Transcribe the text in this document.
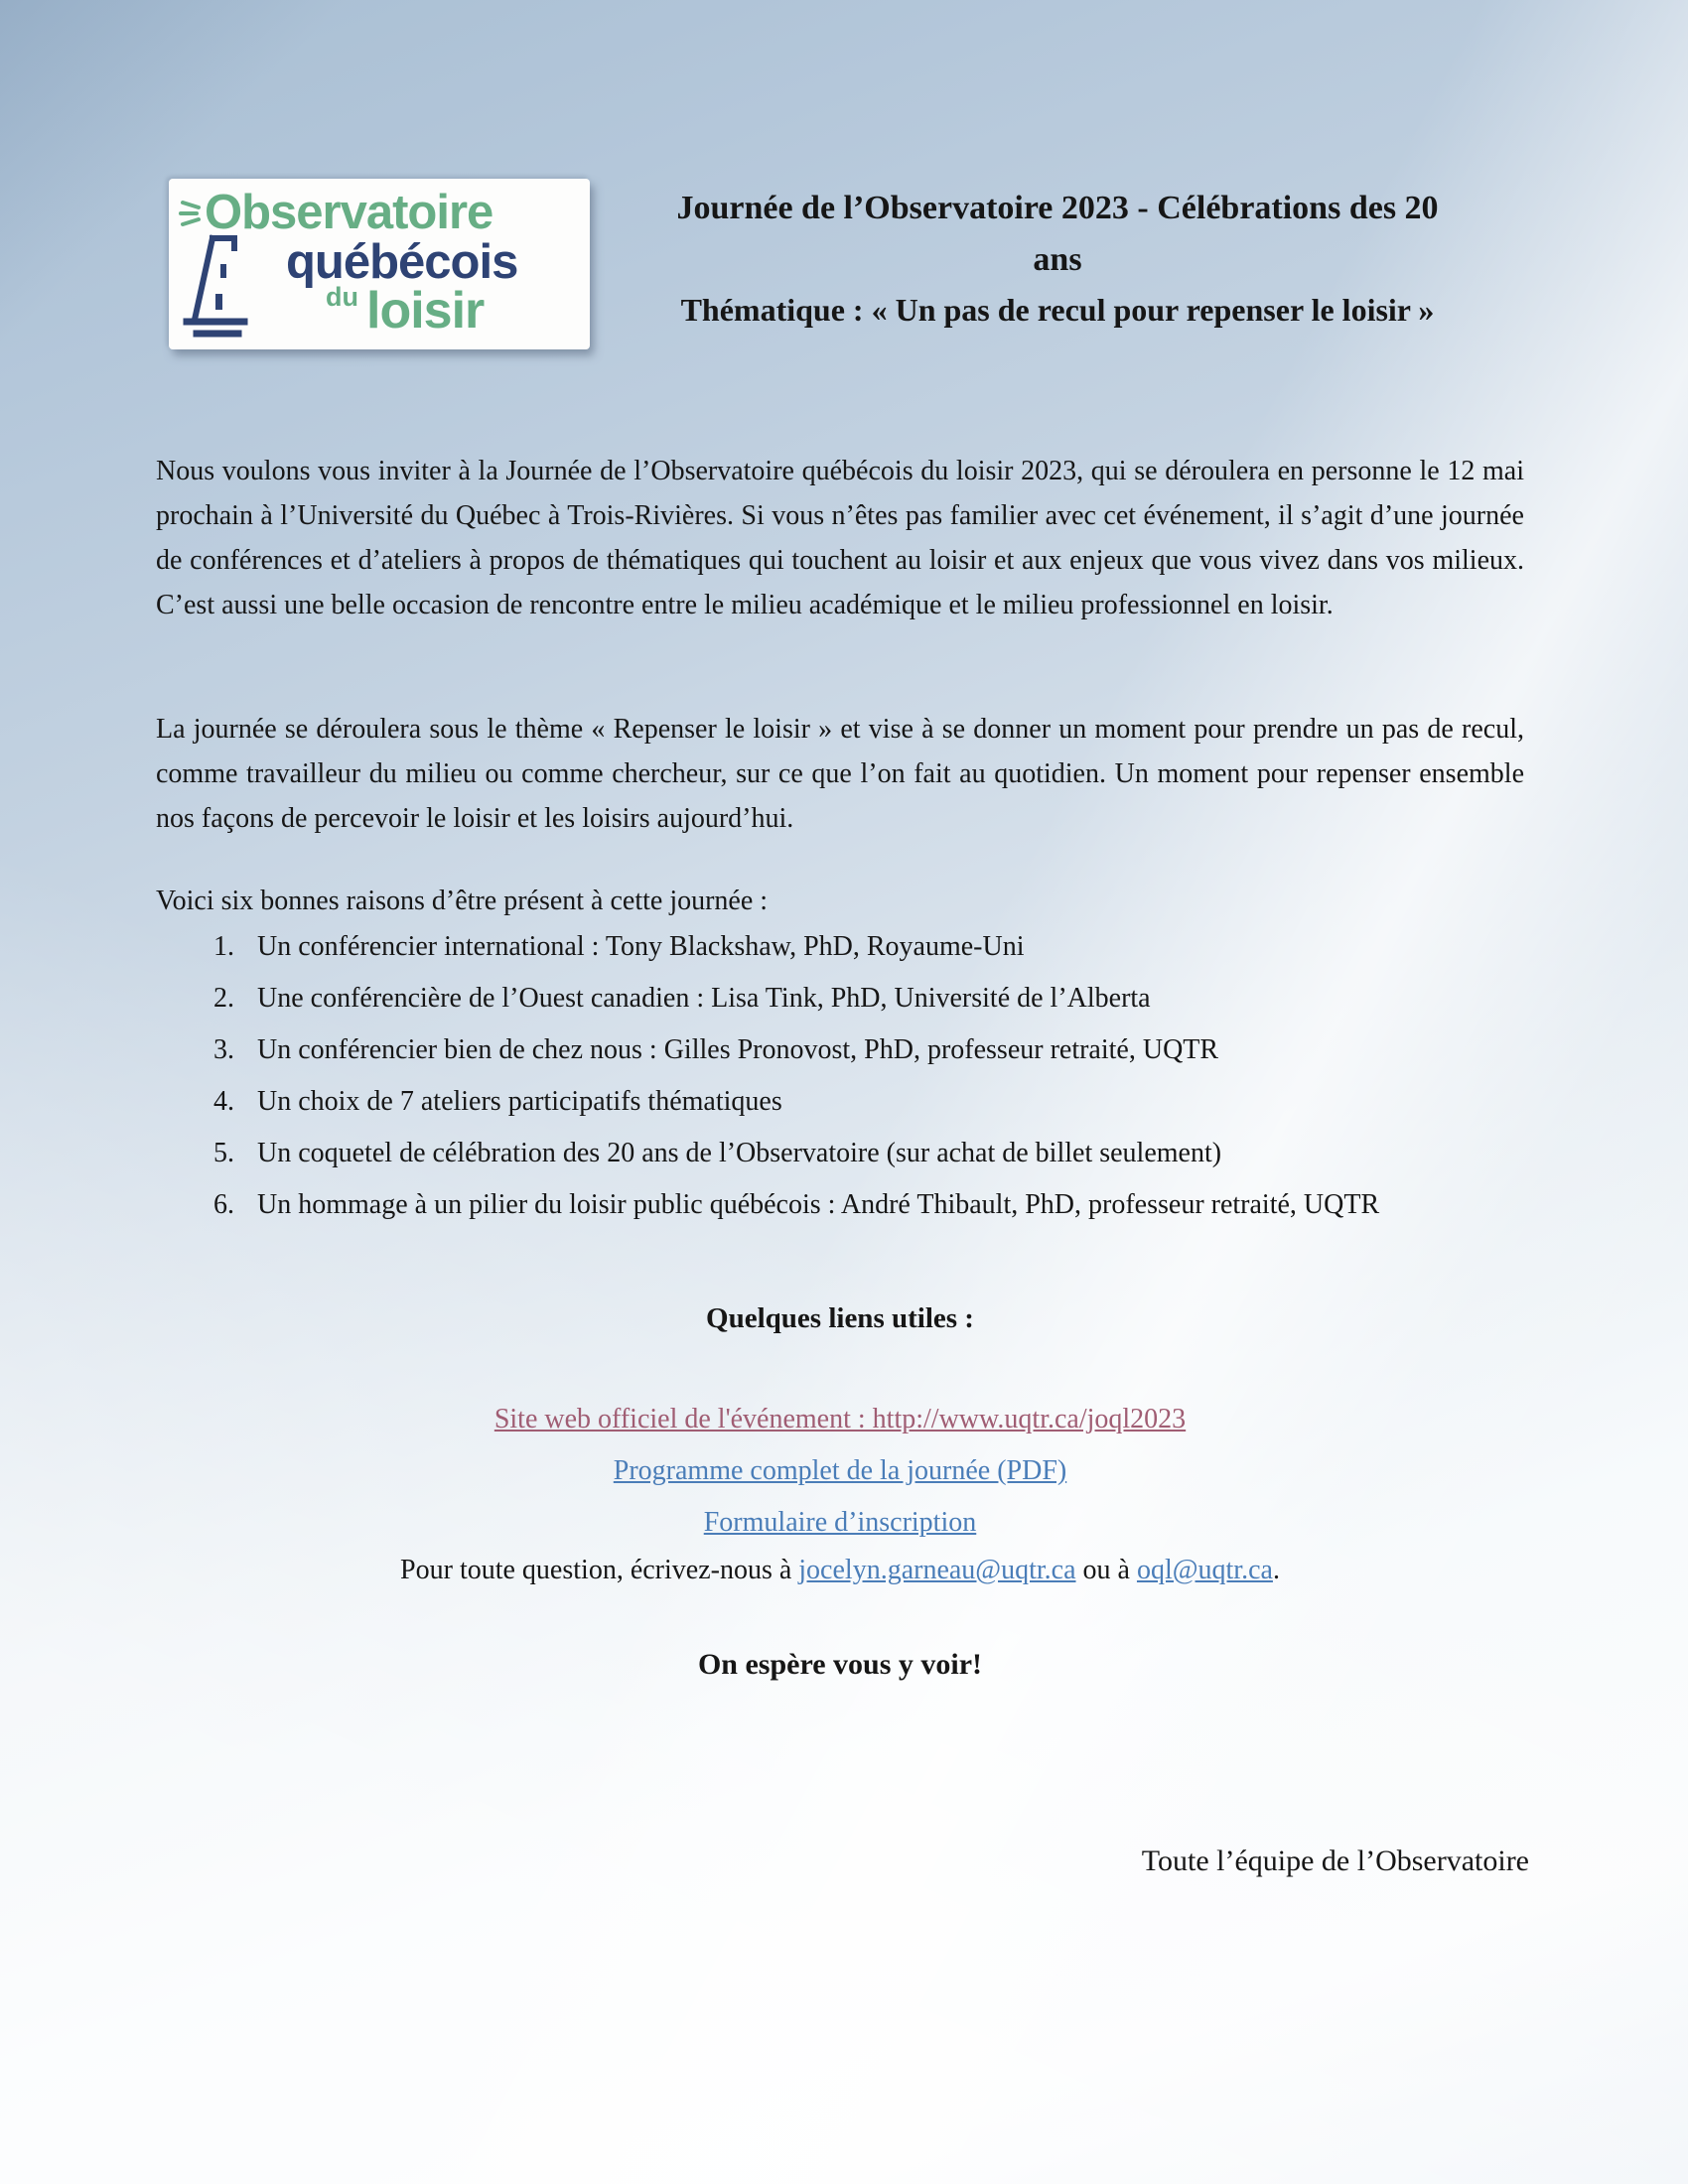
Observatoire
québécois
du loisir
Journée de l’Observatoire 2023 - Célébrations des 20
ans
Thématique : « Un pas de recul pour repenser le loisir »
Nous voulons vous inviter à la Journée de l’Observatoire québécois du loisir 2023, qui se déroulera en personne le 12 mai prochain à l’Université du Québec à Trois-Rivières. Si vous n’êtes pas familier avec cet événement, il s’agit d’une journée de conférences et d’ateliers à propos de thématiques qui touchent au loisir et aux enjeux que vous vivez dans vos milieux. C’est aussi une belle occasion de rencontre entre le milieu académique et le milieu professionnel en loisir.
La journée se déroulera sous le thème « Repenser le loisir » et vise à se donner un moment pour prendre un pas de recul, comme travailleur du milieu ou comme chercheur, sur ce que l’on fait au quotidien. Un moment pour repenser ensemble nos façons de percevoir le loisir et les loisirs aujourd’hui.
Voici six bonnes raisons d’être présent à cette journée :
Un conférencier international : Tony Blackshaw, PhD, Royaume-Uni
Une conférencière de l’Ouest canadien : Lisa Tink, PhD, Université de l’Alberta
Un conférencier bien de chez nous : Gilles Pronovost, PhD, professeur retraité, UQTR
Un choix de 7 ateliers participatifs thématiques
Un coquetel de célébration des 20 ans de l’Observatoire (sur achat de billet seulement)
Un hommage à un pilier du loisir public québécois : André Thibault, PhD, professeur retraité, UQTR
Quelques liens utiles :
Site web officiel de l'événement : http://www.uqtr.ca/joql2023
Programme complet de la journée (PDF)
Formulaire d’inscription
Pour toute question, écrivez-nous à jocelyn.garneau@uqtr.ca ou à oql@uqtr.ca.
On espère vous y voir!
Toute l’équipe de l’Observatoire
